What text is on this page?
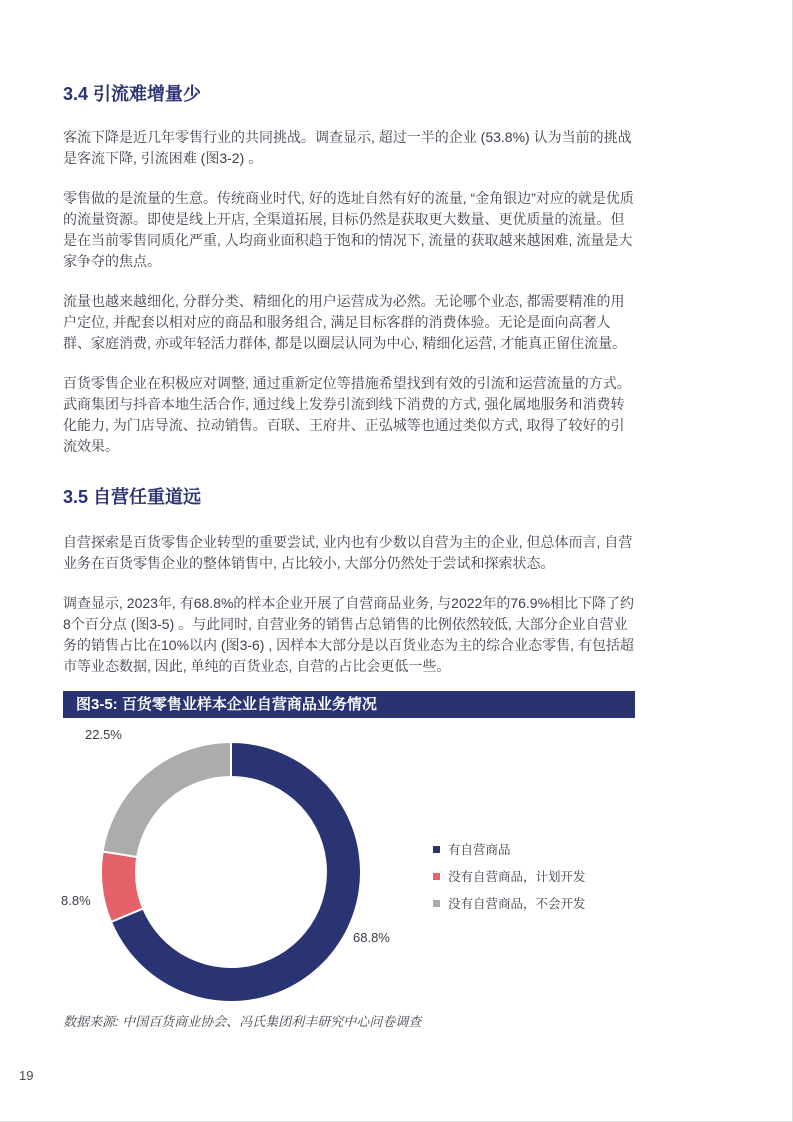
3.4 引流难增量少

客流下降是近几年零售行业的共同挑战。调查显示, 超过一半的企业 (53.8%) 认为当前的挑战是客流下降, 引流困难 (图3-2) 。

零售做的是流量的生意。传统商业时代, 好的选址自然有好的流量, “金角银边”对应的就是优质的流量资源。即使是线上开店, 全渠道拓展, 目标仍然是获取更大数量、更优质量的流量。但是在当前零售同质化严重, 人均商业面积趋于饱和的情况下, 流量的获取越来越困难, 流量是大家争夺的焦点。

流量也越来越细化, 分群分类、精细化的用户运营成为必然。无论哪个业态, 都需要精准的用户定位, 并配套以相对应的商品和服务组合, 满足目标客群的消费体验。无论是面向高奢人群、家庭消费, 亦或年轻活力群体, 都是以圈层认同为中心, 精细化运营, 才能真正留住流量。

百货零售企业在积极应对调整, 通过重新定位等措施希望找到有效的引流和运营流量的方式。武商集团与抖音本地生活合作, 通过线上发券引流到线下消费的方式, 强化属地服务和消费转化能力, 为门店导流、拉动销售。百联、王府井、正弘城等也通过类似方式, 取得了较好的引流效果。

3.5 自营任重道远

自营探索是百货零售企业转型的重要尝试, 业内也有少数以自营为主的企业, 但总体而言, 自营业务在百货零售企业的整体销售中, 占比较小, 大部分仍然处于尝试和探索状态。

调查显示, 2023年, 有68.8%的样本企业开展了自营商品业务, 与2022年的76.9%相比下降了约8个百分点 (图3-5) 。与此同时, 自营业务的销售占总销售的比例依然较低, 大部分企业自营业务的销售占比在10%以内 (图3-6) , 因样本大部分是以百货业态为主的综合业态零售, 有包括超市等业态数据, 因此, 单纯的百货业态, 自营的占比会更低一些。

图3-5: 百货零售业样本企业自营商品业务情况
22.5%
8.8%
68.8%
有自营商品
没有自营商品，计划开发
没有自营商品，不会开发

数据来源: 中国百货商业协会、冯氏集团利丰研究中心问卷调查

19
